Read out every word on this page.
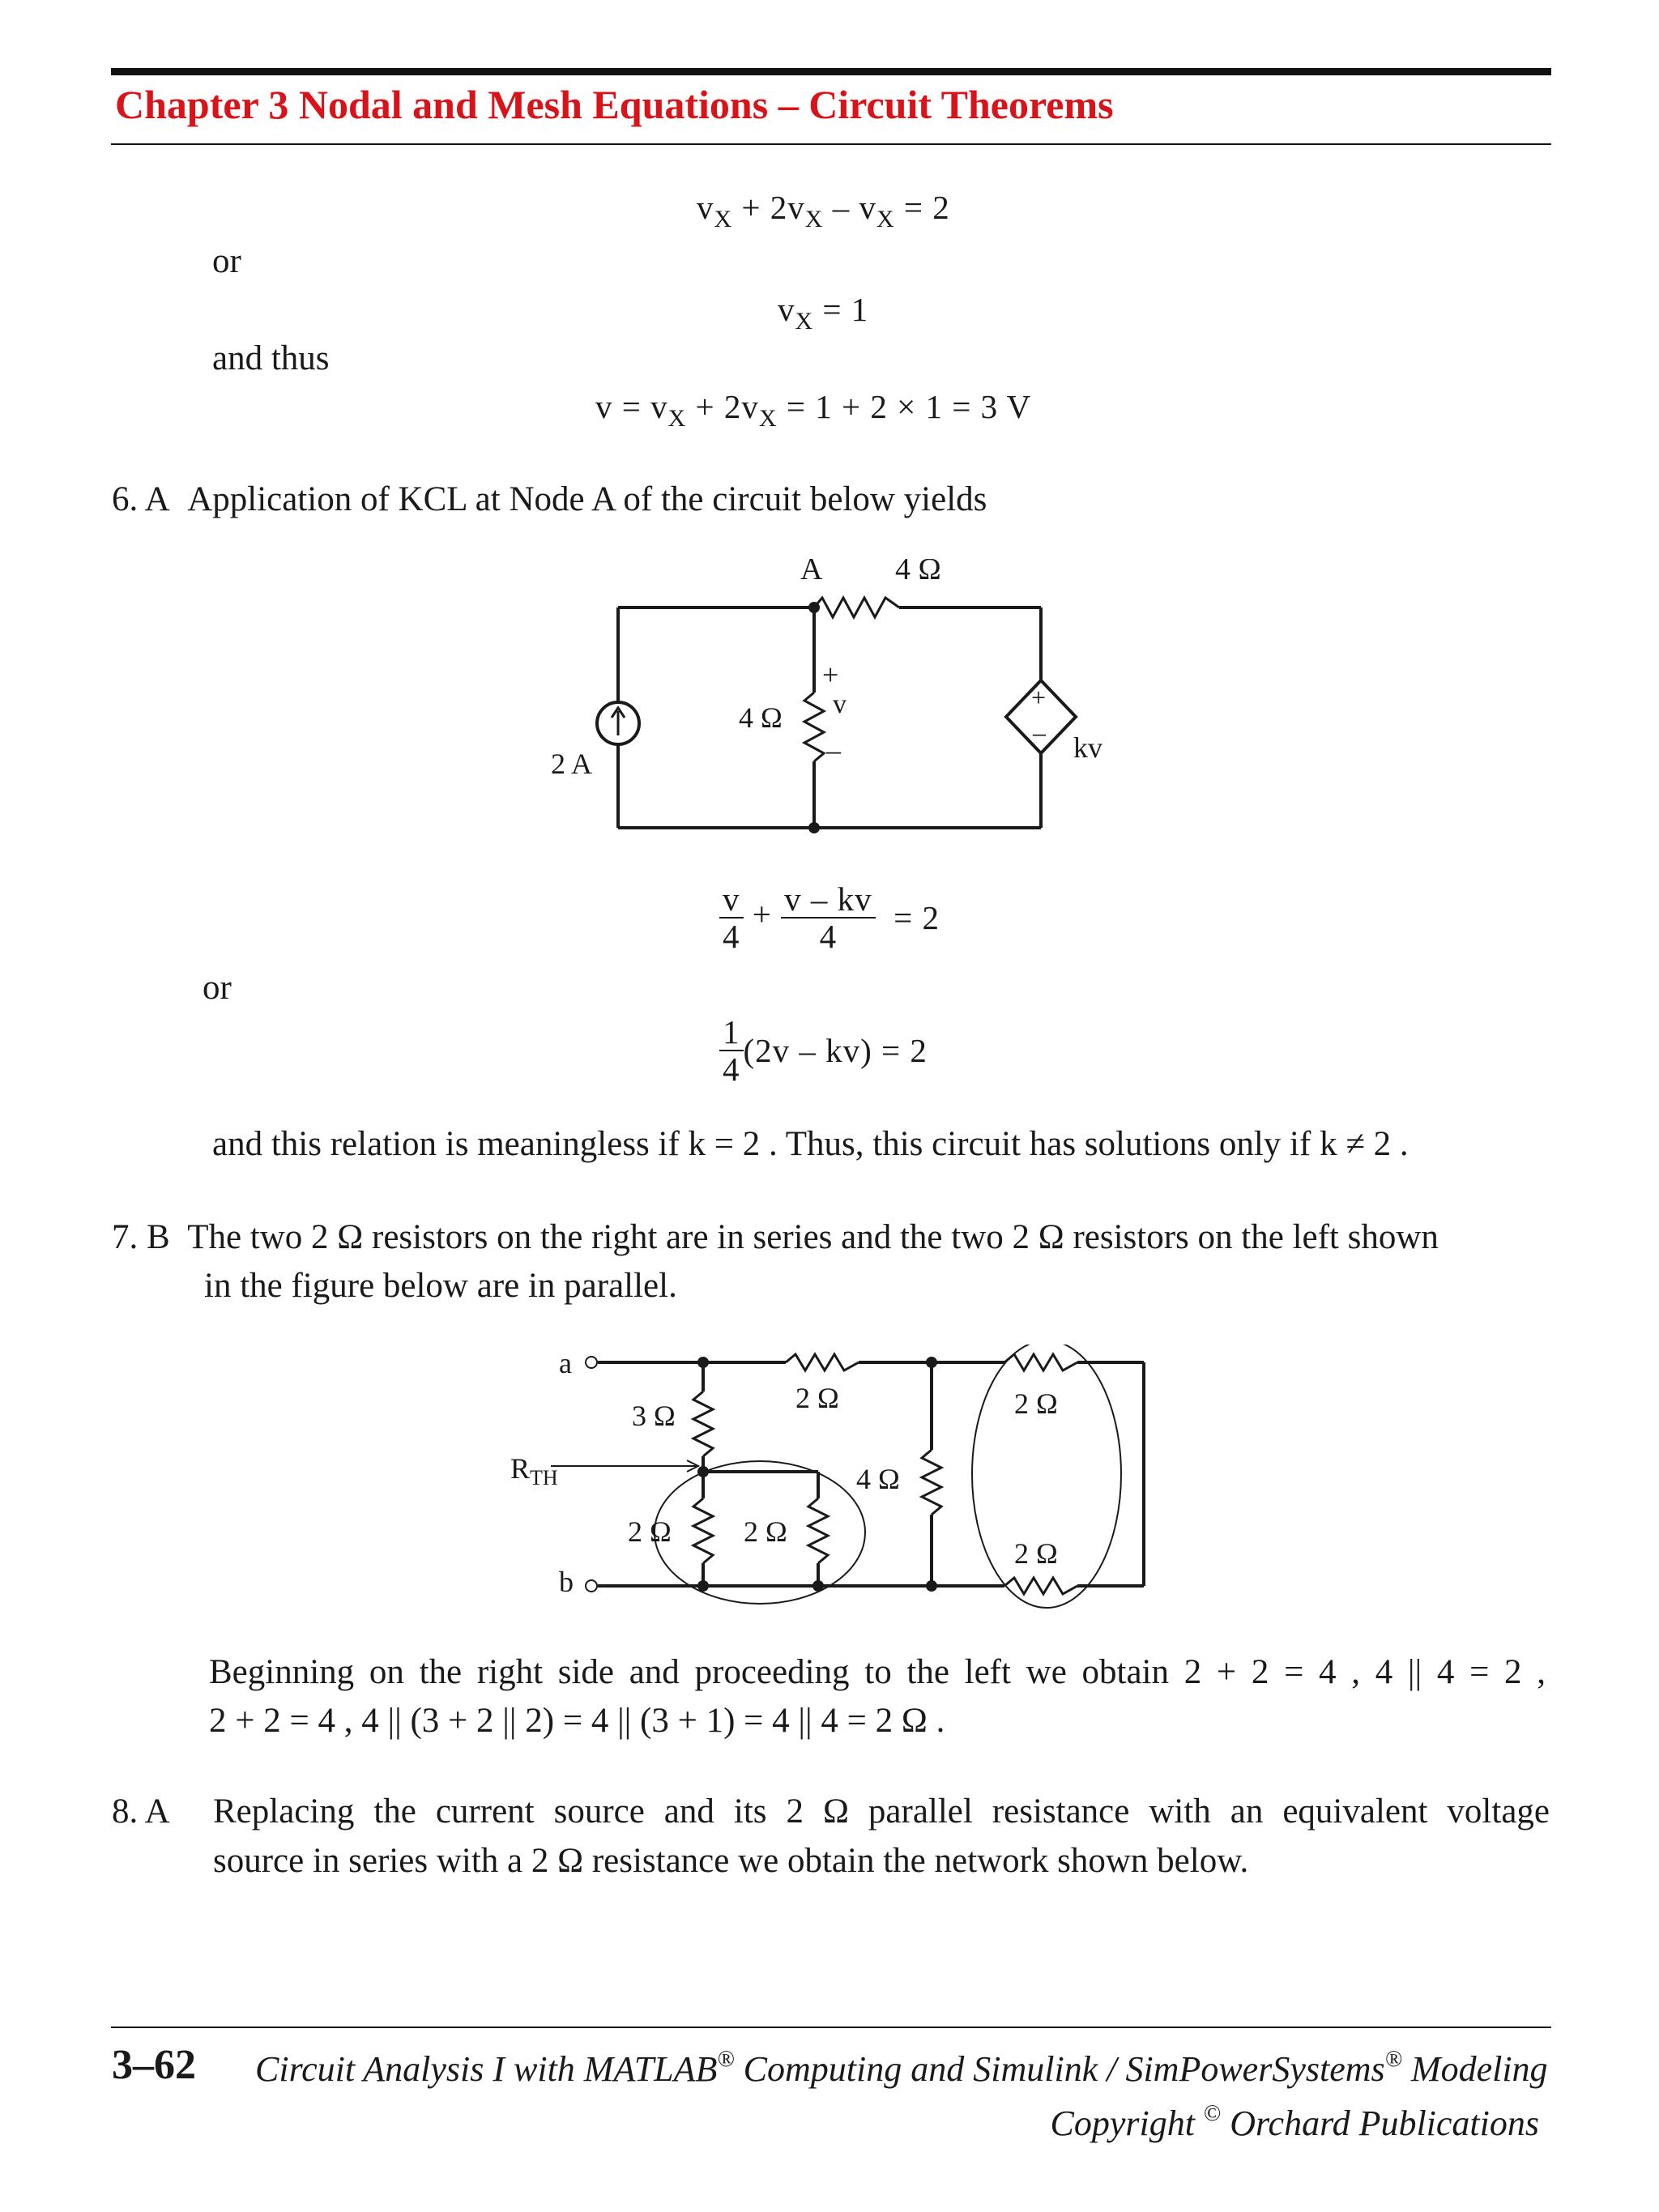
Chapter 3 Nodal and Mesh Equations – Circuit Theorems
$v_X + 2v_X - v_X = 2$
or
$v_X = 1$
and thus
$v = v_X + 2v_X = 1 + 2 \times 1 = 3$ V
6. A Application of KCL at Node A of the circuit below yields
A 4 Ω
4 Ω
+
v
–
2 A
+
– kv
$\frac{v}{4} + \frac{v - kv}{4} = 2$
or
$\frac{1}{4} (2v - kv) = 2$
and this relation is meaningless if k = 2 . Thus, this circuit has solutions only if k ≠ 2 .
7. B The two 2 Ω resistors on the right are in series and the two 2 Ω resistors on the left shown
in the figure below are in parallel.
a
b
$R_{TH}$
3 Ω
2 Ω	2 Ω
4 Ω
2 Ω 2 Ω
2 Ω
Beginning on the right side and proceeding to the left we obtain 2 + 2 = 4 , 4 || 4 = 2 ,
2 + 2 = 4 , 4 || (3 + 2 || 2) = 4 || (3 + 1) = 4 || 4 = 2 Ω .
8. A	Replacing the current source and its 2 Ω parallel resistance with an equivalent voltage
source in series with a 2 Ω resistance we obtain the network shown below.
3–62 Circuit Analysis I with MATLAB® Computing and Simulink / SimPowerSystems® Modeling
Copyright © Orchard Publications
